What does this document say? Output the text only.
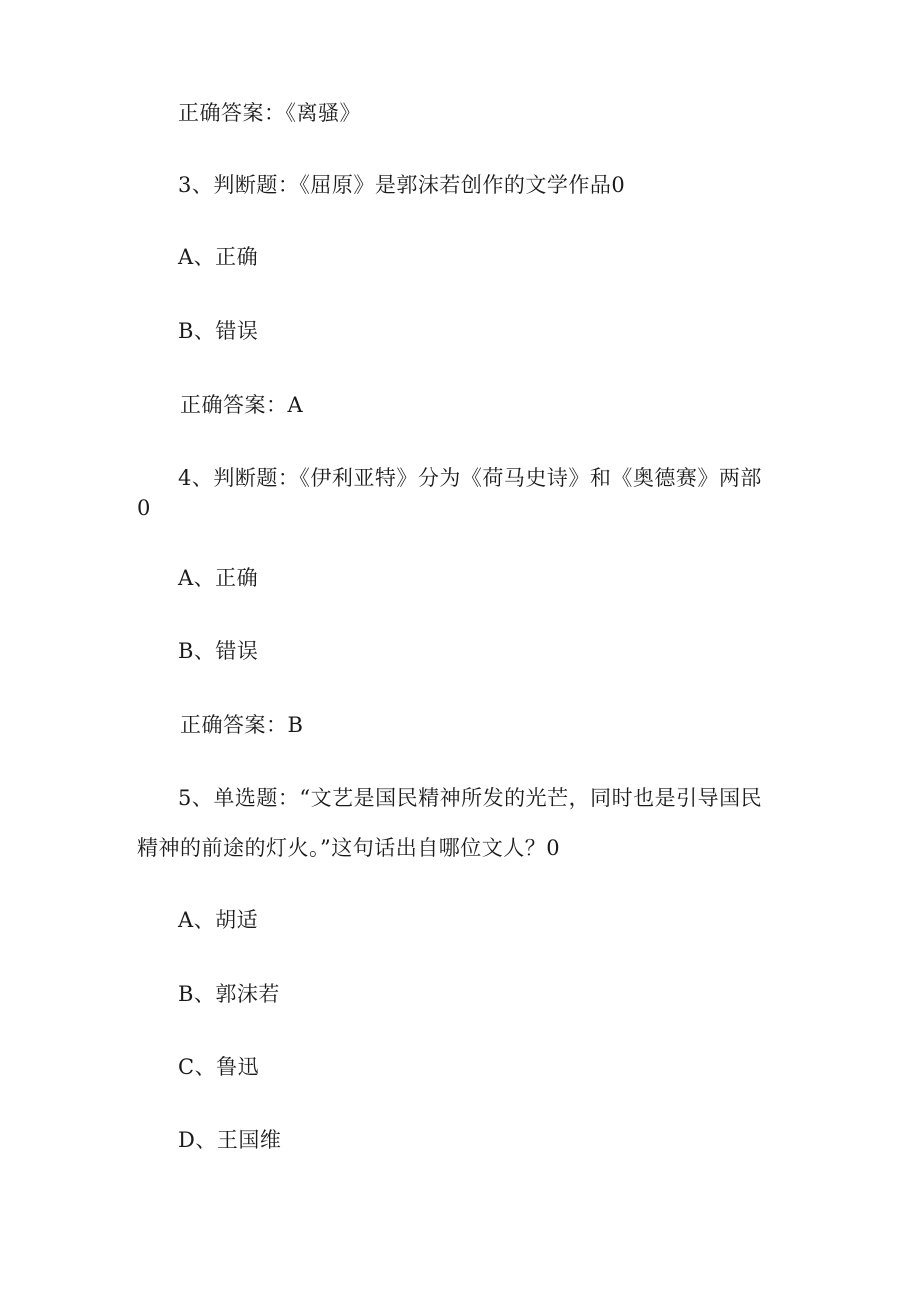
正确答案：《离骚》
3、判断题：《屈原》是郭沫若创作的文学作品0
A、正确
B、错误
正确答案：A
4、判断题：《伊利亚特》分为《荷马史诗》和《奥德赛》两部
0
A、正确
B、错误
正确答案：B
5、单选题：“文艺是国民精神所发的光芒，同时也是引导国民
精神的前途的灯火。”这句话出自哪位文人？0
A、胡适
B、郭沫若
C、鲁迅
D、王国维
